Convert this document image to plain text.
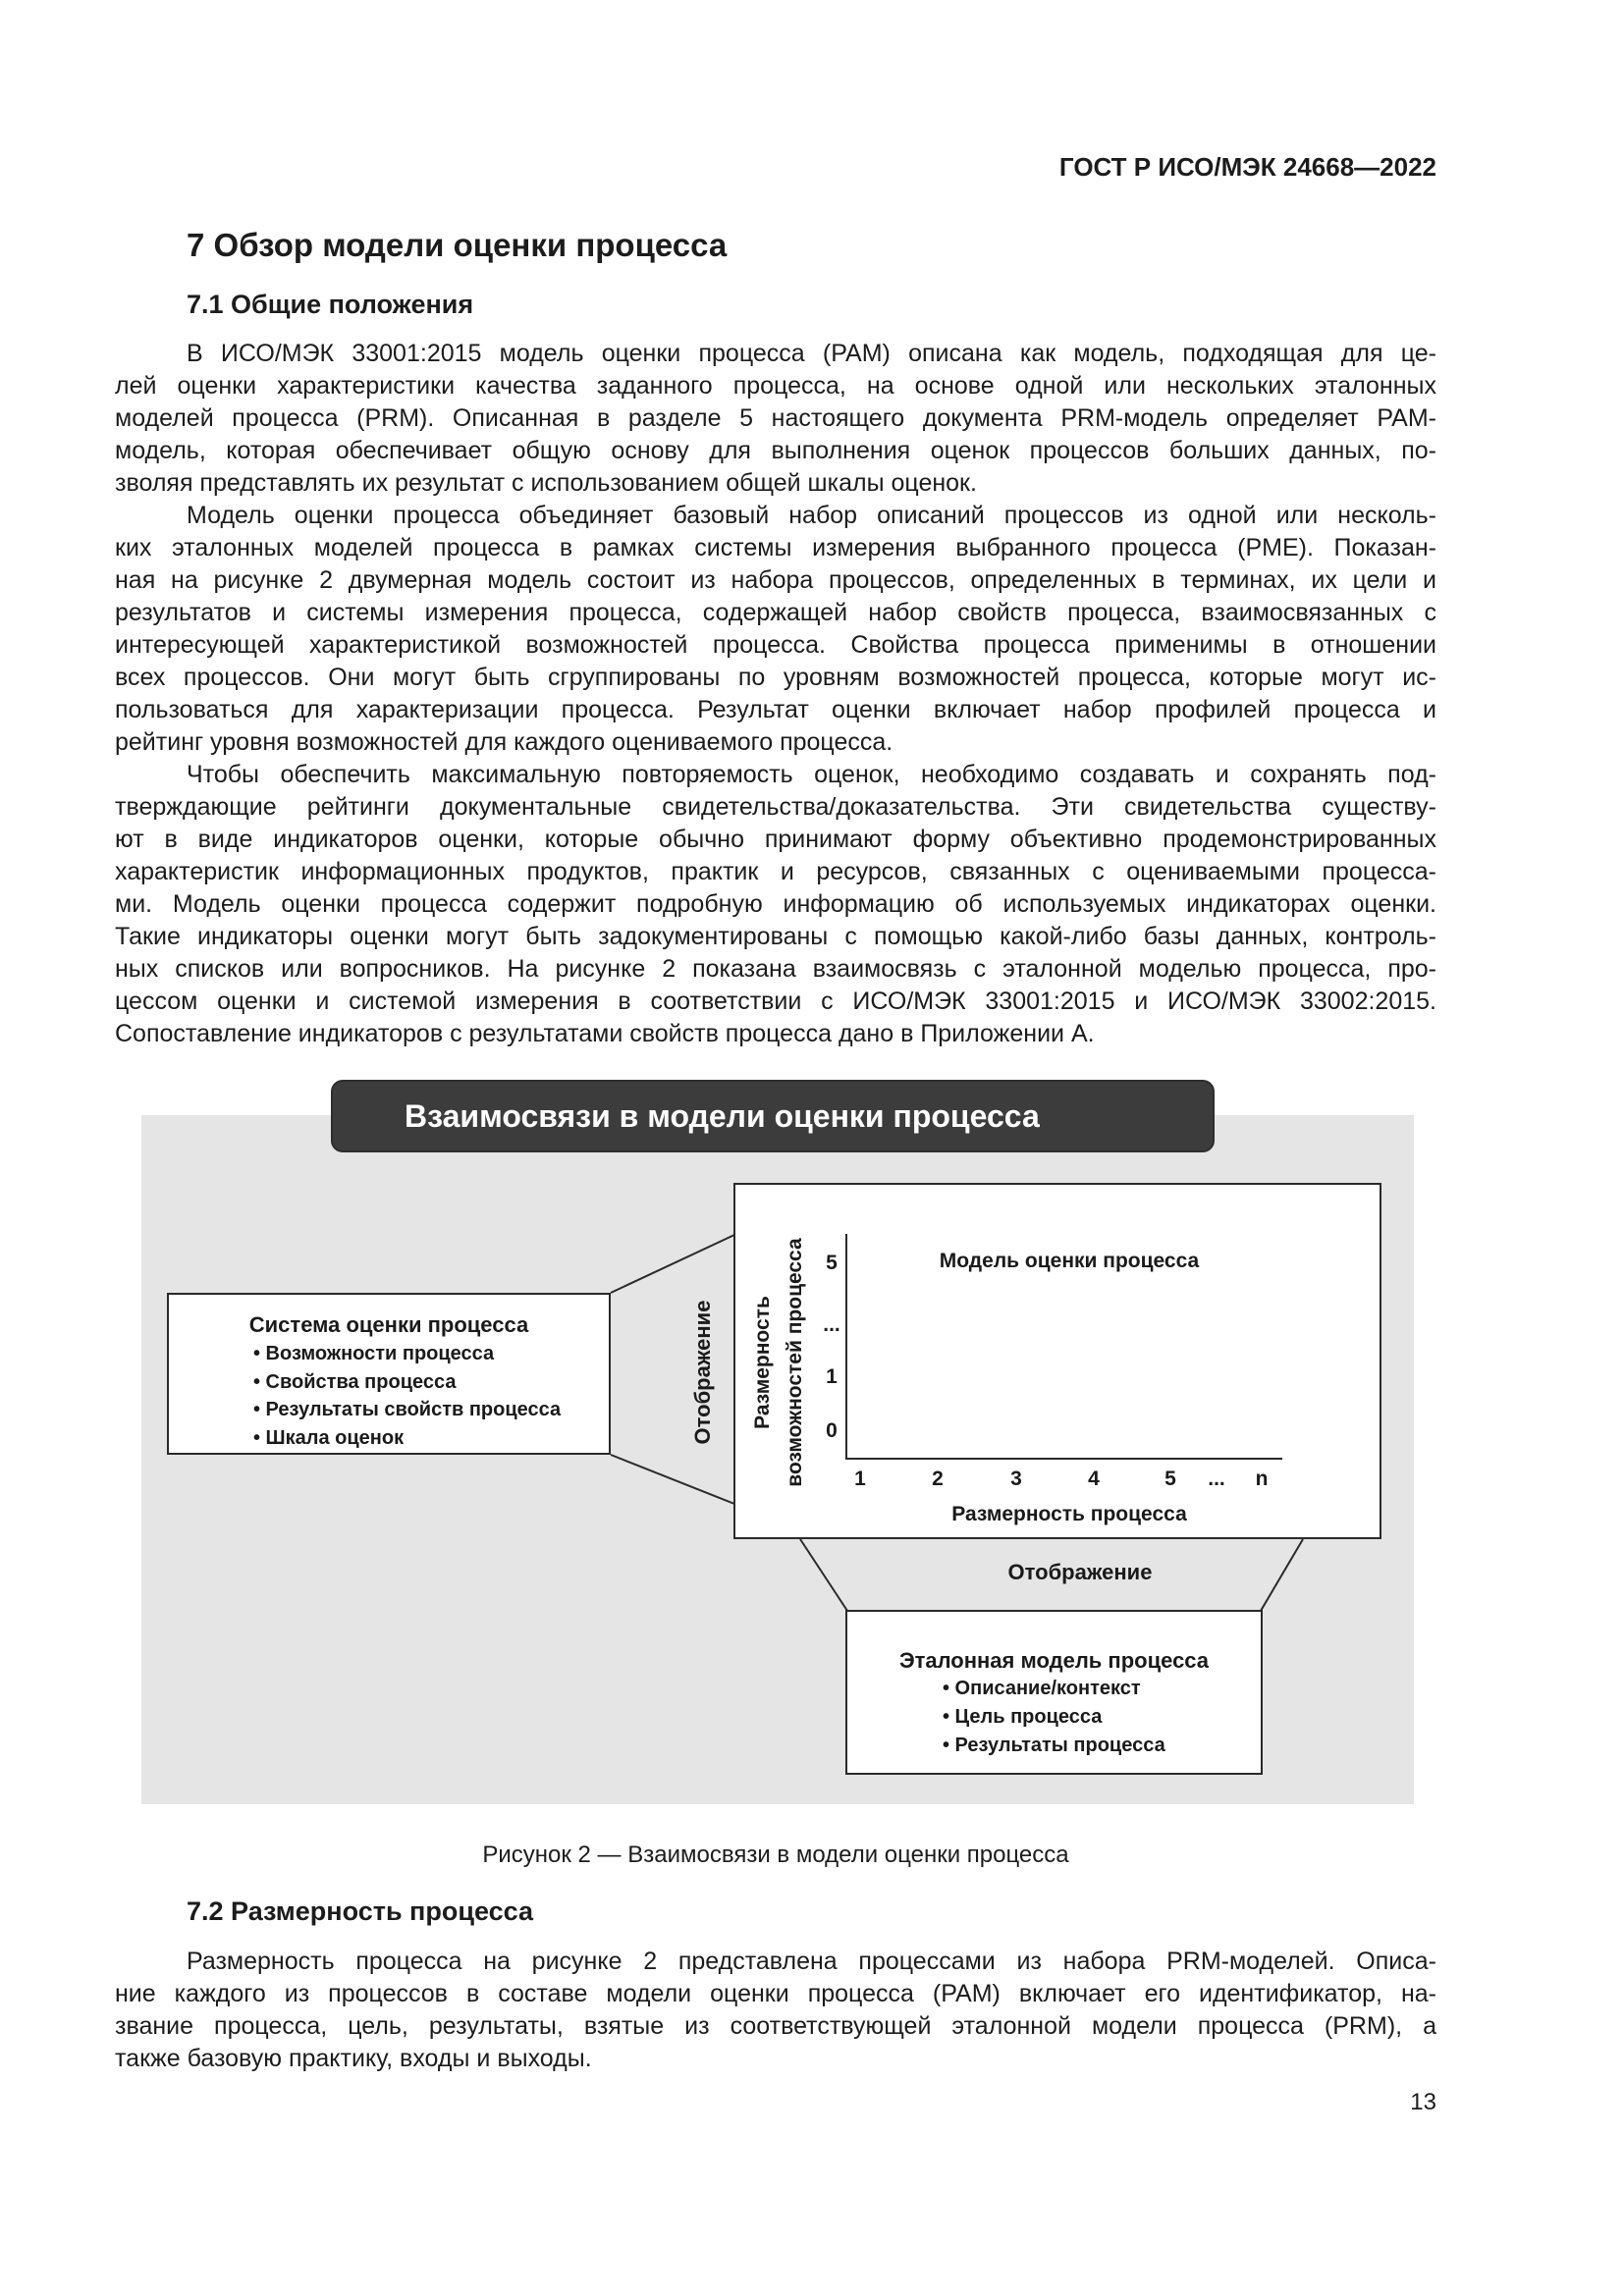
ГОСТ Р ИСО/МЭК 24668—2022
7 Обзор модели оценки процесса
7.1 Общие положения
В ИСО/МЭК 33001:2015 модель оценки процесса (PAM) описана как модель, подходящая для це-
лей оценки характеристики качества заданного процесса, на основе одной или нескольких эталонных
моделей процесса (PRM). Описанная в разделе 5 настоящего документа PRM-модель определяет PAM-
модель, которая обеспечивает общую основу для выполнения оценок процессов больших данных, по-
зволяя представлять их результат с использованием общей шкалы оценок.
Модель оценки процесса объединяет базовый набор описаний процессов из одной или несколь-
ких эталонных моделей процесса в рамках системы измерения выбранного процесса (PME). Показан-
ная на рисунке 2 двумерная модель состоит из набора процессов, определенных в терминах, их цели и
результатов и системы измерения процесса, содержащей набор свойств процесса, взаимосвязанных с
интересующей характеристикой возможностей процесса. Свойства процесса применимы в отношении
всех процессов. Они могут быть сгруппированы по уровням возможностей процесса, которые могут ис-
пользоваться для характеризации процесса. Результат оценки включает набор профилей процесса и
рейтинг уровня возможностей для каждого оцениваемого процесса.
Чтобы обеспечить максимальную повторяемость оценок, необходимо создавать и сохранять под-
тверждающие рейтинги документальные свидетельства/доказательства. Эти свидетельства существу-
ют в виде индикаторов оценки, которые обычно принимают форму объективно продемонстрированных
характеристик информационных продуктов, практик и ресурсов, связанных с оцениваемыми процесса-
ми. Модель оценки процесса содержит подробную информацию об используемых индикаторах оценки.
Такие индикаторы оценки могут быть задокументированы с помощью какой-либо базы данных, контроль-
ных списков или вопросников. На рисунке 2 показана взаимосвязь с эталонной моделью процесса, про-
цессом оценки и системой измерения в соответствии с ИСО/МЭК 33001:2015 и ИСО/МЭК 33002:2015.
Сопоставление индикаторов с результатами свойств процесса дано в Приложении А.
Взаимосвязи в модели оценки процесса
Система оценки процесса
• Возможности процесса
• Свойства процесса
• Результаты свойств процесса
• Шкала оценок	Отображение
Модель оценки процесса
Размерность возможностей процесса 5
...
1
0
1	2	3	4	5	...	n
Размерность процесса
Отображение
Эталонная модель процесса
• Описание/контекст
• Цель процесса
• Результаты процесса
Рисунок 2 — Взаимосвязи в модели оценки процесса
7.2 Размерность процесса
Размерность процесса на рисунке 2 представлена процессами из набора PRM-моделей. Описа-
ние каждого из процессов в составе модели оценки процесса (PAM) включает его идентификатор, на-
звание процесса, цель, результаты, взятые из соответствующей эталонной модели процесса (PRM), а
также базовую практику, входы и выходы.
13
